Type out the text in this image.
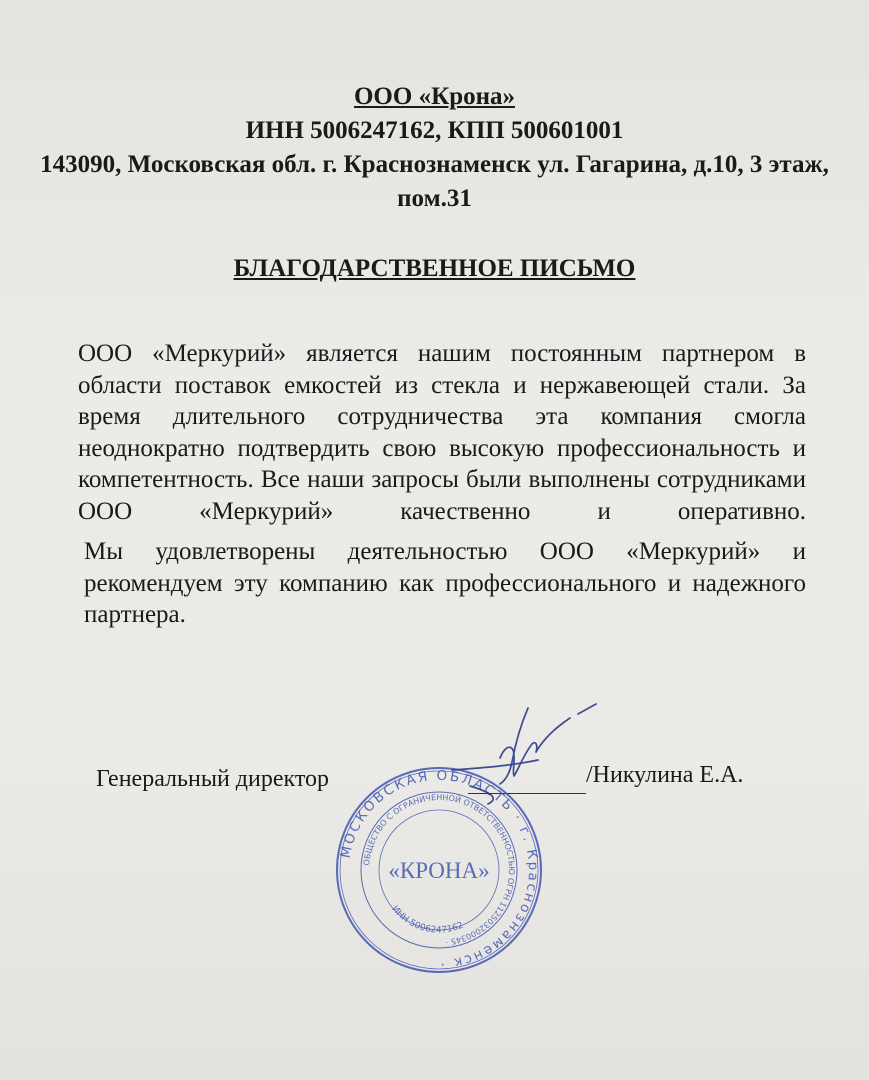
ООО «Крона»
ИНН 5006247162, КПП 500601001
143090, Московская обл. г. Краснознаменск ул. Гагарина, д.10, 3 этаж, пом.31
БЛАГОДАРСТВЕННОЕ ПИСЬМО
ООО «Меркурий» является нашим постоянным партнером в области поставок емкостей из стекла и нержавеющей стали. За время длительного сотрудничества эта компания смогла неоднократно подтвердить свою высокую профессиональность и компетентность. Все наши запросы были выполнены сотрудниками ООО «Меркурий» качественно и оперативно.
Мы удовлетворены деятельностью ООО «Меркурий» и рекомендуем эту компанию как профессионального и надежного партнера.
Генеральный директор	/Никулина Е.А.
МОСКОВСКАЯ ОБЛАСТЬ · г. Краснознаменск ·
ОБЩЕСТВО С ОГРАНИЧЕННОЙ ОТВЕТСТВЕННОСТЬЮ ОГРН 1125032000345 ·
ИНН 5006247162
«КРОНА»
